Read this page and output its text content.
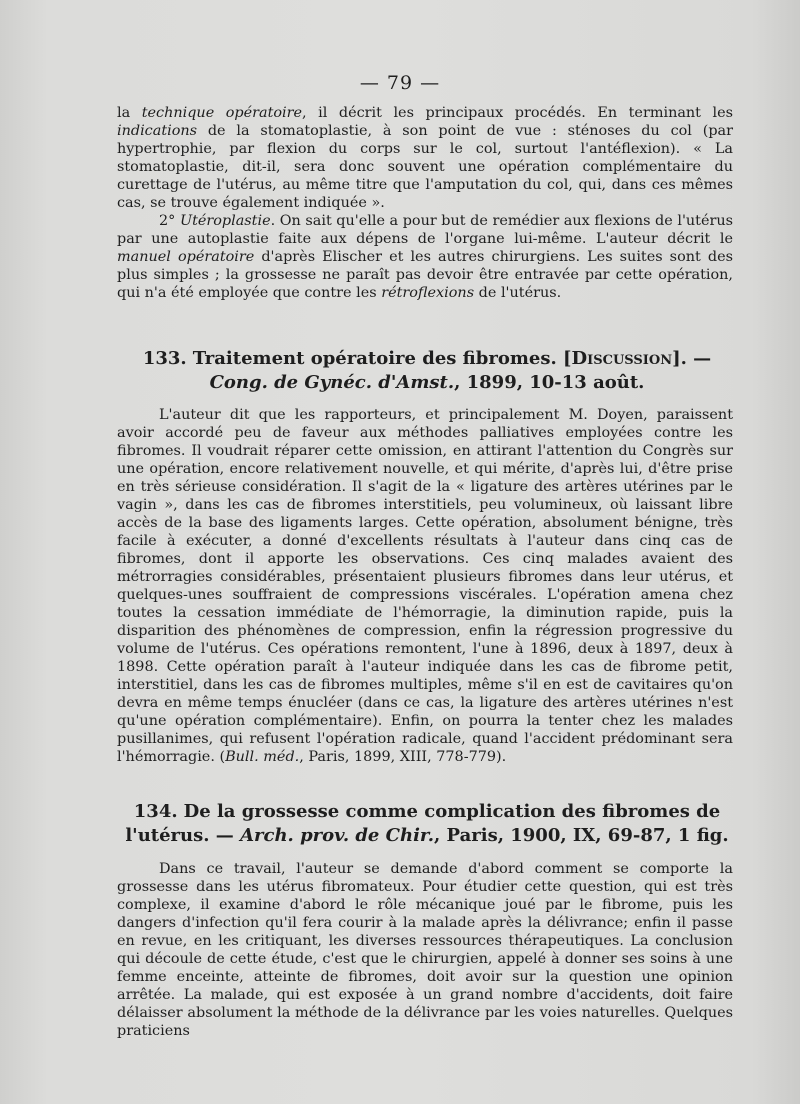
— 79 —

la technique opératoire, il décrit les principaux procédés. En terminant les indications de la stomatoplastie, à son point de vue : sténoses du col (par hypertrophie, par flexion du corps sur le col, surtout l'antéflexion). « La stomatoplastie, dit-il, sera donc souvent une opération complémentaire du curettage de l'utérus, au même titre que l'amputation du col, qui, dans ces mêmes cas, se trouve également indiquée ».

2° Utéroplastie. On sait qu'elle a pour but de remédier aux flexions de l'utérus par une autoplastie faite aux dépens de l'organe lui-même. L'auteur décrit le manuel opératoire d'après Elischer et les autres chirurgiens. Les suites sont des plus simples ; la grossesse ne paraît pas devoir être entravée par cette opération, qui n'a été employée que contre les rétroflexions de l'utérus.

133. Traitement opératoire des fibromes. [Discussion]. — Cong. de Gynéc. d'Amst., 1899, 10-13 août.

L'auteur dit que les rapporteurs, et principalement M. Doyen, paraissent avoir accordé peu de faveur aux méthodes palliatives employées contre les fibromes. Il voudrait réparer cette omission, en attirant l'attention du Congrès sur une opération, encore relativement nouvelle, et qui mérite, d'après lui, d'être prise en très sérieuse considération. Il s'agit de la « ligature des artères utérines par le vagin », dans les cas de fibromes interstitiels, peu volumineux, où laissant libre accès de la base des ligaments larges. Cette opération, absolument bénigne, très facile à exécuter, a donné d'excellents résultats à l'auteur dans cinq cas de fibromes, dont il apporte les observations. Ces cinq malades avaient des métrorragies considérables, présentaient plusieurs fibromes dans leur utérus, et quelques-unes souffraient de compressions viscérales. L'opération amena chez toutes la cessation immédiate de l'hémorragie, la diminution rapide, puis la disparition des phénomènes de compression, enfin la régression progressive du volume de l'utérus. Ces opérations remontent, l'une à 1896, deux à 1897, deux à 1898. Cette opération paraît à l'auteur indiquée dans les cas de fibrome petit, interstitiel, dans les cas de fibromes multiples, même s'il en est de cavitaires qu'on devra en même temps énucléer (dans ce cas, la ligature des artères utérines n'est qu'une opération complémentaire). Enfin, on pourra la tenter chez les malades pusillanimes, qui refusent l'opération radicale, quand l'accident prédominant sera l'hémorragie. (Bull. méd., Paris, 1899, XIII, 778-779).

134. De la grossesse comme complication des fibromes de l'utérus. — Arch. prov. de Chir., Paris, 1900, IX, 69-87, 1 fig.

Dans ce travail, l'auteur se demande d'abord comment se comporte la grossesse dans les utérus fibromateux. Pour étudier cette question, qui est très complexe, il examine d'abord le rôle mécanique joué par le fibrome, puis les dangers d'infection qu'il fera courir à la malade après la délivrance; enfin il passe en revue, en les critiquant, les diverses ressources thérapeutiques. La conclusion qui découle de cette étude, c'est que le chirurgien, appelé à donner ses soins à une femme enceinte, atteinte de fibromes, doit avoir sur la question une opinion arrêtée. La malade, qui est exposée à un grand nombre d'accidents, doit faire délaisser absolument la méthode de la délivrance par les voies naturelles. Quelques praticiens
